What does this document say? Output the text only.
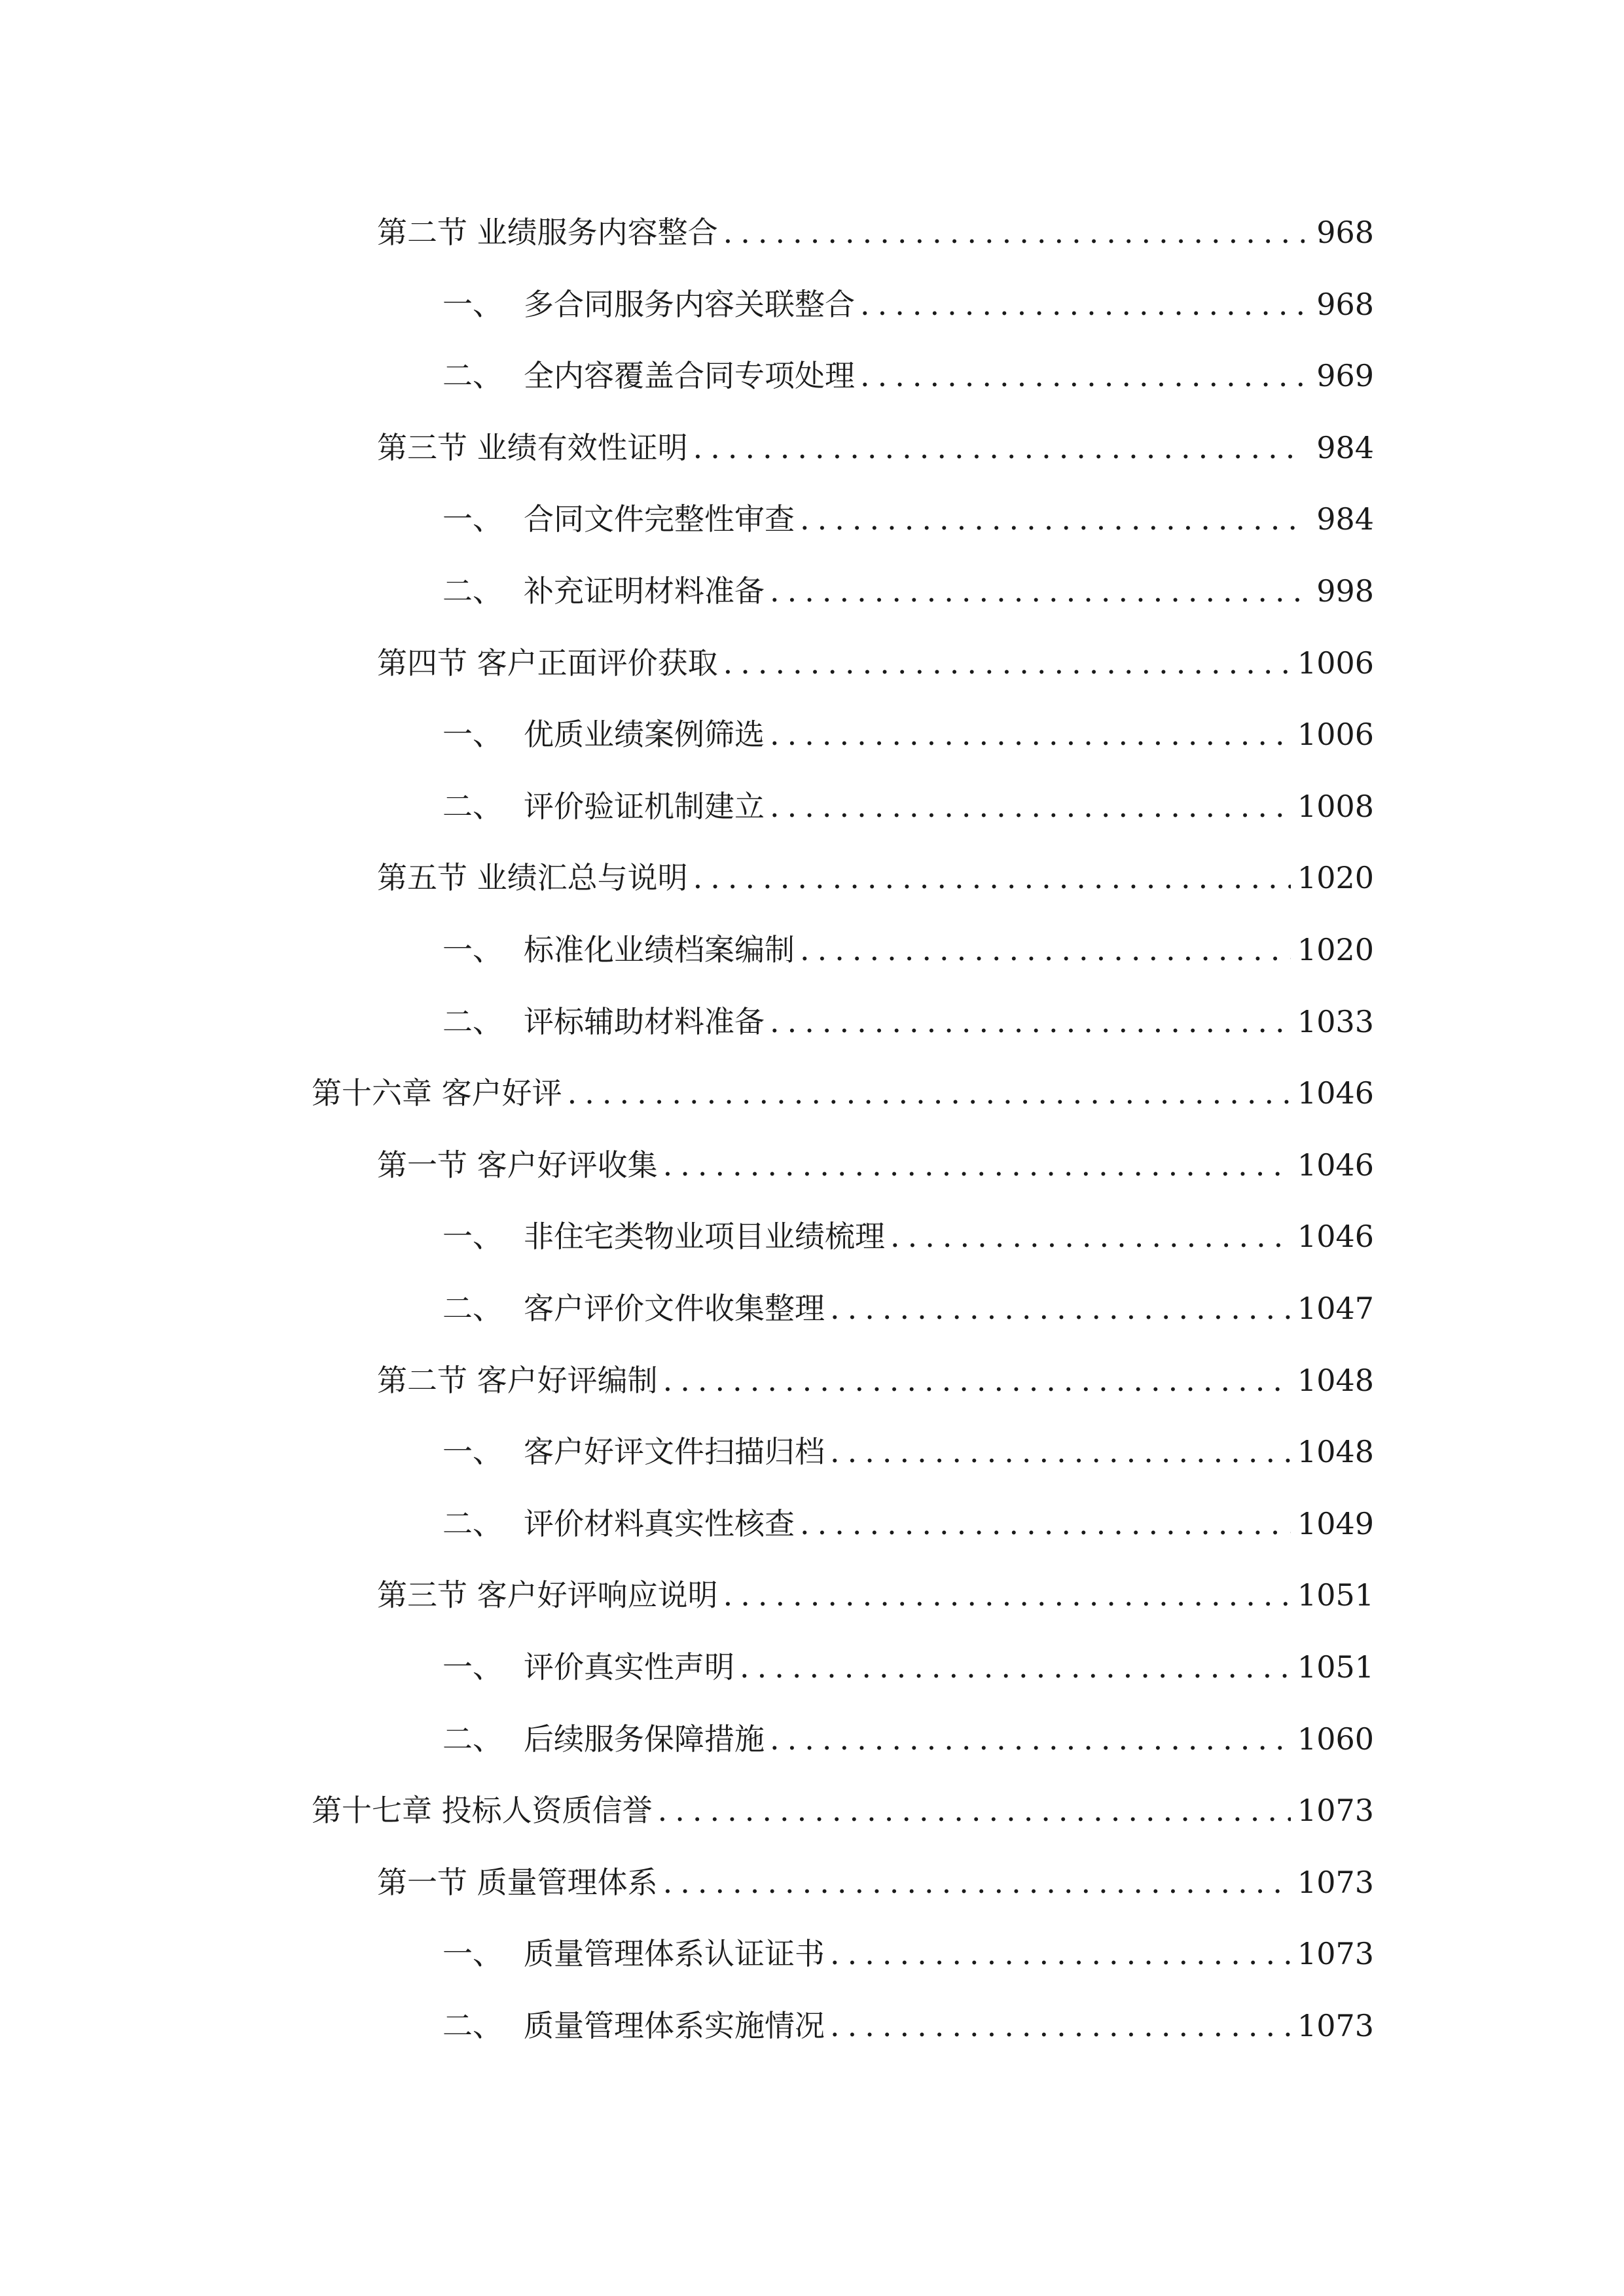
第二节 业绩服务内容整合 .....	968
一、 多合同服务内容关联整合 .....	968
二、 全内容覆盖合同专项处理 .....	969
第三节 业绩有效性证明 .....	984
一、 合同文件完整性审查 .....	984
二、 补充证明材料准备 .....	998
第四节 客户正面评价获取 .....	1006
一、 优质业绩案例筛选 .....	1006
二、 评价验证机制建立 .....	1008
第五节 业绩汇总与说明 .....	1020
一、 标准化业绩档案编制 .....	1020
二、 评标辅助材料准备 .....	1033
第十六章 客户好评 .....	1046
第一节 客户好评收集 .....	1046
一、 非住宅类物业项目业绩梳理 .....	1046
二、 客户评价文件收集整理 .....	1047
第二节 客户好评编制 .....	1048
一、 客户好评文件扫描归档 .....	1048
二、 评价材料真实性核查 .....	1049
第三节 客户好评响应说明 .....	1051
一、 评价真实性声明 .....	1051
二、 后续服务保障措施 .....	1060
第十七章 投标人资质信誉 .....	1073
第一节 质量管理体系 .....	1073
一、 质量管理体系认证证书 .....	1073
二、 质量管理体系实施情况 .....	1073
